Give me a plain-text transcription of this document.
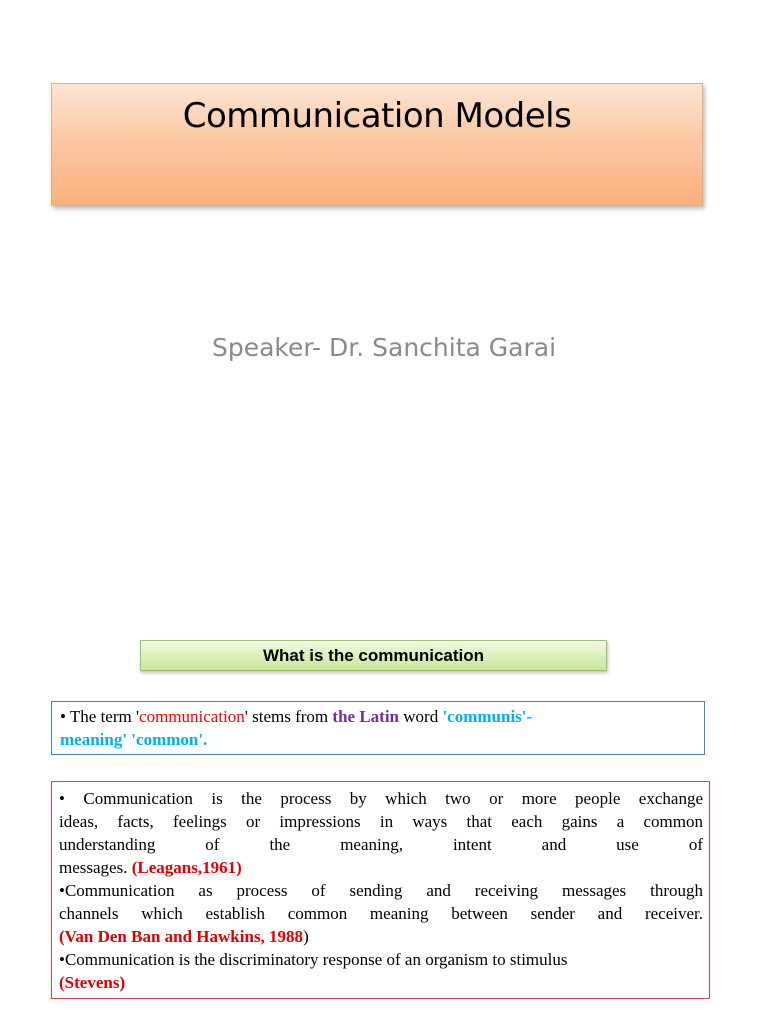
Communication Models
Speaker- Dr. Sanchita Garai
What is the communication
• The term 'communication' stems from the Latin word 'communis'-
meaning' 'common'.

• Communication is the process by which two or more people exchange

ideas, facts, feelings or impressions in ways that each gains a common

understanding of the meaning, intent and use of

messages. (Leagans,1961)

•Communication as process of sending and receiving messages through

channels which establish common meaning between sender and receiver.

(Van Den Ban and Hawkins, 1988)

•Communication is the discriminatory response of an organism to stimulus

(Stevens)
